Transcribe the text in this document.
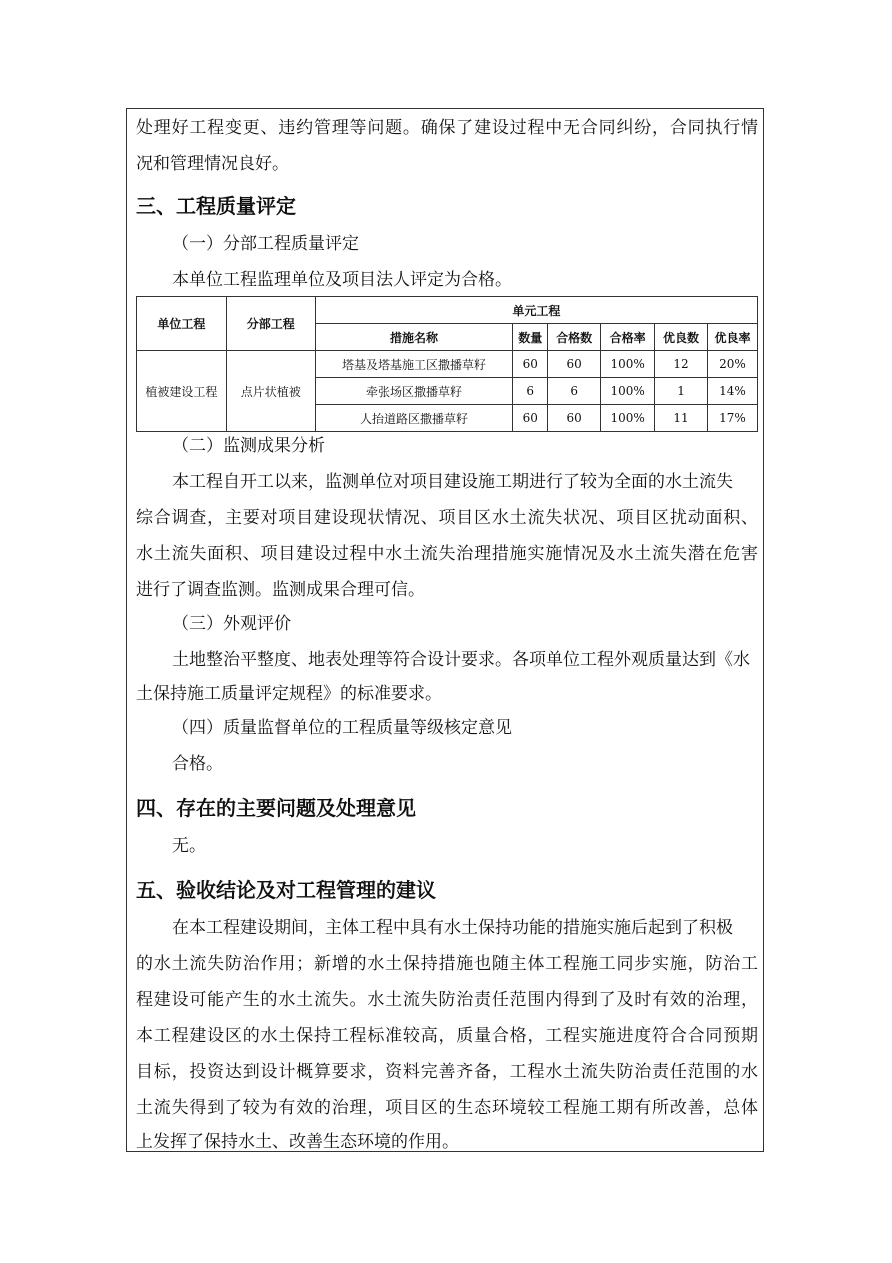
处理好工程变更、违约管理等问题。确保了建设过程中无合同纠纷，合同执行情
况和管理情况良好。
三、工程质量评定
（一）分部工程质量评定
本单位工程监理单位及项目法人评定为合格。
单位工程	分部工程	单元工程					
		措施名称	数量	合格数	合格率	优良数	优良率
植被建设工程	点片状植被	塔基及塔基施工区撒播草籽	60	60	100%	12	20%
		牵张场区撒播草籽	6	6	100%	1	14%
		人抬道路区撒播草籽	60	60	100%	11	17%
（二）监测成果分析
本工程自开工以来，监测单位对项目建设施工期进行了较为全面的水土流失
综合调查，主要对项目建设现状情况、项目区水土流失状况、项目区扰动面积、
水土流失面积、项目建设过程中水土流失治理措施实施情况及水土流失潜在危害
进行了调查监测。监测成果合理可信。
（三）外观评价
土地整治平整度、地表处理等符合设计要求。各项单位工程外观质量达到《水
土保持施工质量评定规程》的标准要求。
（四）质量监督单位的工程质量等级核定意见
合格。
四、存在的主要问题及处理意见
无。
五、验收结论及对工程管理的建议
在本工程建设期间，主体工程中具有水土保持功能的措施实施后起到了积极
的水土流失防治作用；新增的水土保持措施也随主体工程施工同步实施，防治工
程建设可能产生的水土流失。水土流失防治责任范围内得到了及时有效的治理，
本工程建设区的水土保持工程标准较高，质量合格，工程实施进度符合合同预期
目标，投资达到设计概算要求，资料完善齐备，工程水土流失防治责任范围的水
土流失得到了较为有效的治理，项目区的生态环境较工程施工期有所改善，总体
上发挥了保持水土、改善生态环境的作用。
